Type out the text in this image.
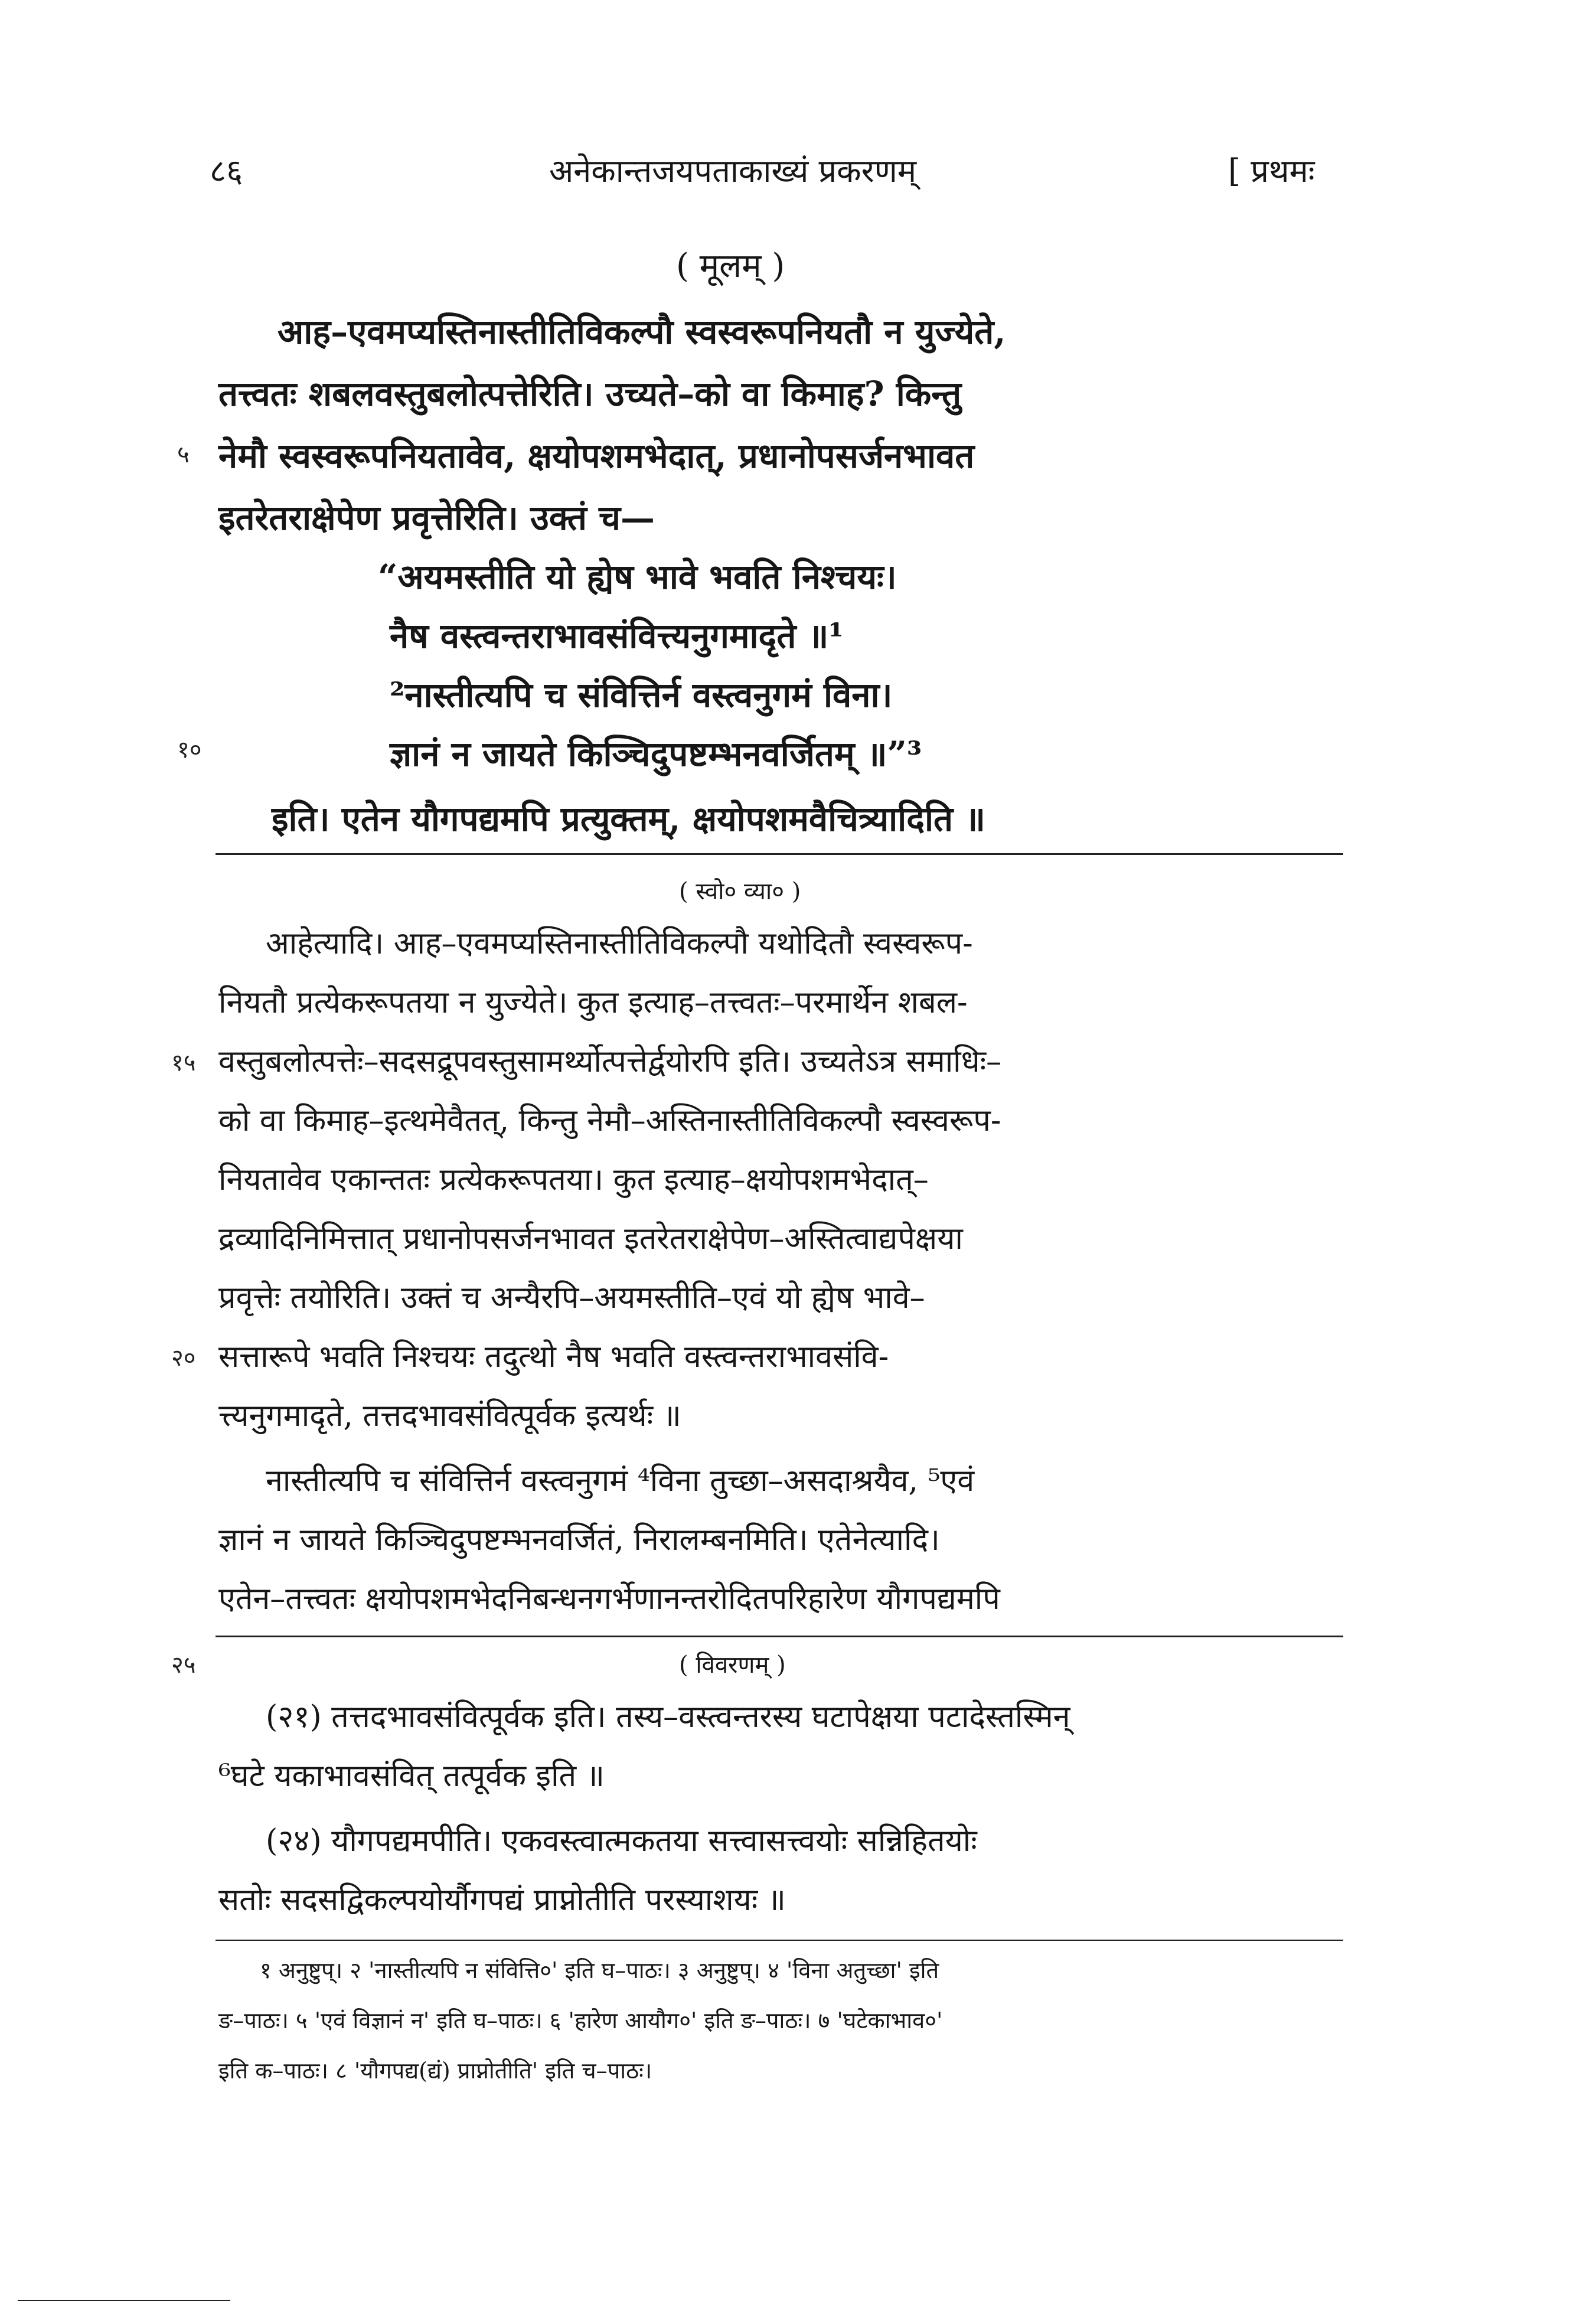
८६	अनेकान्तजयपताकाख्यं प्रकरणम्	[ प्रथमः
( मूलम् )
आह–एवमप्यस्तिनास्तीतिविकल्पौ स्वस्वरूपनियतौ न युज्येते,
तत्त्वतः शबलवस्तुबलोत्पत्तेरिति। उच्यते–को वा किमाह? किन्तु
५ नेमौ स्वस्वरूपनियतावेव, क्षयोपशमभेदात्, प्रधानोपसर्जनभावत
इतरेतराक्षेपेण प्रवृत्तेरिति। उक्तं च—
“अयमस्तीति यो ह्येष भावे भवति निश्चयः।
नैष वस्त्वन्तराभावसंवित्त्यनुगमादृते ॥¹
²नास्तीत्यपि च संवित्तिर्न वस्त्वनुगमं विना।
१०	ज्ञानं न जायते किञ्चिदुपष्टम्भनवर्जितम् ॥”³
इति। एतेन यौगपद्यमपि प्रत्युक्तम्, क्षयोपशमवैचित्र्यादिति ॥
( स्वो० व्या० )
आहेत्यादि। आह–एवमप्यस्तिनास्तीतिविकल्पौ यथोदितौ स्वस्वरूप-
नियतौ प्रत्येकरूपतया न युज्येते। कुत इत्याह–तत्त्वतः–परमार्थेन शबल-
१५ वस्तुबलोत्पत्तेः–सदसद्रूपवस्तुसामर्थ्योत्पत्तेर्द्वयोरपि इति। उच्यतेऽत्र समाधिः–
को वा किमाह–इत्थमेवैतत्, किन्तु नेमौ–अस्तिनास्तीतिविकल्पौ स्वस्वरूप-
नियतावेव एकान्ततः प्रत्येकरूपतया। कुत इत्याह–क्षयोपशमभेदात्–
द्रव्यादिनिमित्तात् प्रधानोपसर्जनभावत इतरेतराक्षेपेण–अस्तित्वाद्यपेक्षया
प्रवृत्तेः तयोरिति। उक्तं च अन्यैरपि–अयमस्तीति–एवं यो ह्येष भावे–
२० सत्तारूपे भवति निश्चयः तदुत्थो नैष भवति वस्त्वन्तराभावसंवि-
त्त्यनुगमादृते, तत्तदभावसंवित्पूर्वक इत्यर्थः ॥
नास्तीत्यपि च संवित्तिर्न वस्त्वनुगमं ⁴विना तुच्छा–असदाश्रयैव, ⁵एवं
ज्ञानं न जायते किञ्चिदुपष्टम्भनवर्जितं, निरालम्बनमिति। एतेनेत्यादि।
एतेन–तत्त्वतः क्षयोपशमभेदनिबन्धनगर्भेणानन्तरोदितपरिहारेण यौगपद्यमपि
२५	( विवरणम् )
(२१) तत्तदभावसंवित्पूर्वक इति। तस्य–वस्त्वन्तरस्य घटापेक्षया पटादेस्तस्मिन्
⁶घटे यकाभावसंवित् तत्पूर्वक इति ॥
(२४) यौगपद्यमपीति। एकवस्त्वात्मकतया सत्त्वासत्त्वयोः सन्निहितयोः
सतोः सदसद्विकल्पयोर्यौगपद्यं प्राप्नोतीति परस्याशयः ॥
१ अनुष्टुप्। २ 'नास्तीत्यपि न संवित्ति०' इति घ–पाठः। ३ अनुष्टुप्। ४ 'विना अतुच्छा' इति
ङ–पाठः। ५ 'एवं विज्ञानं न' इति घ–पाठः। ६ 'हारेण आयौग०' इति ङ–पाठः। ७ 'घटेकाभाव०'
इति क–पाठः। ८ 'यौगपद्य(द्यं) प्राप्नोतीति' इति च–पाठः।
